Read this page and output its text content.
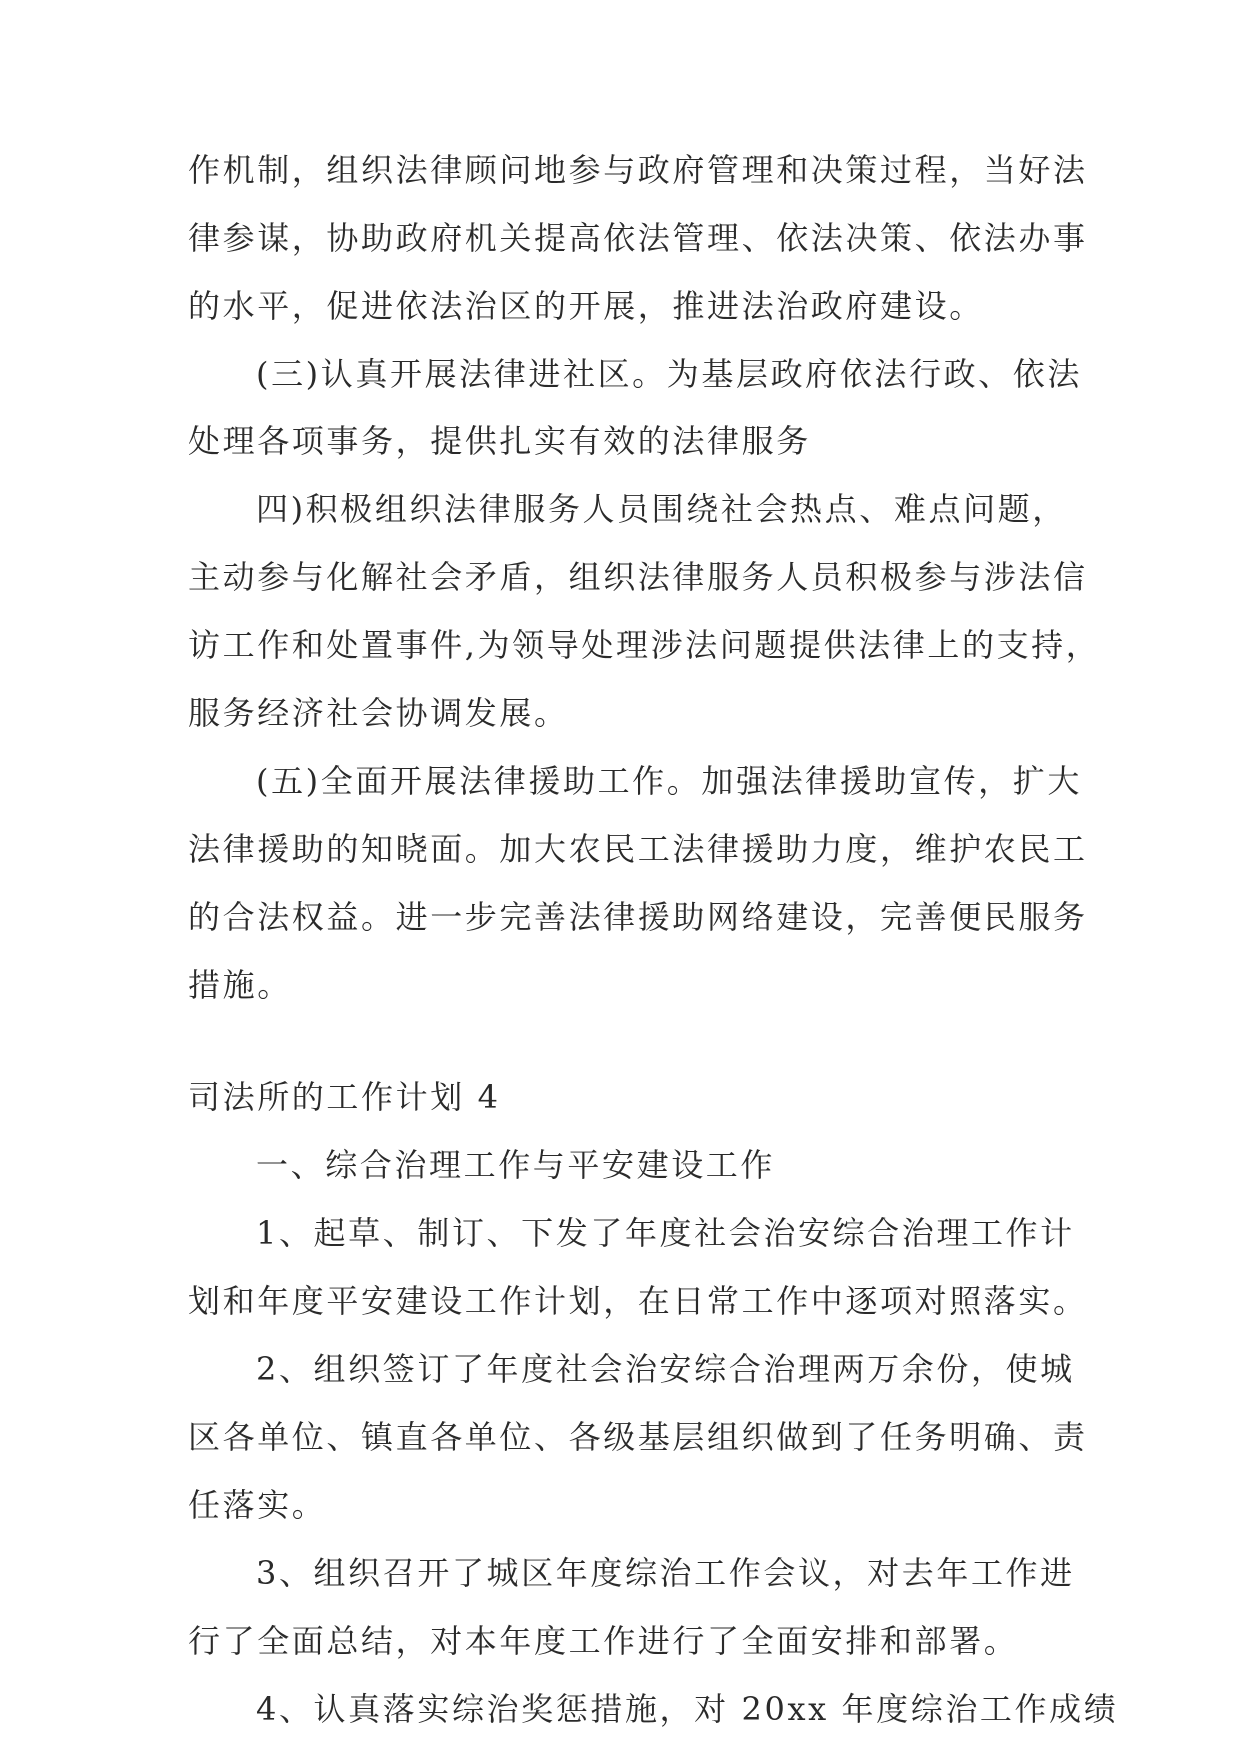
作机制，组织法律顾问地参与政府管理和决策过程，当好法
律参谋，协助政府机关提高依法管理、依法决策、依法办事
的水平，促进依法治区的开展，推进法治政府建设。
(三)认真开展法律进社区。为基层政府依法行政、依法
处理各项事务，提供扎实有效的法律服务
四)积极组织法律服务人员围绕社会热点、难点问题，
主动参与化解社会矛盾，组织法律服务人员积极参与涉法信
访工作和处置事件,为领导处理涉法问题提供法律上的支持，
服务经济社会协调发展。
(五)全面开展法律援助工作。加强法律援助宣传，扩大
法律援助的知晓面。加大农民工法律援助力度，维护农民工
的合法权益。进一步完善法律援助网络建设，完善便民服务
措施。
司法所的工作计划 4
一、综合治理工作与平安建设工作
1、起草、制订、下发了年度社会治安综合治理工作计
划和年度平安建设工作计划，在日常工作中逐项对照落实。
2、组织签订了年度社会治安综合治理两万余份，使城
区各单位、镇直各单位、各级基层组织做到了任务明确、责
任落实。
3、组织召开了城区年度综治工作会议，对去年工作进
行了全面总结，对本年度工作进行了全面安排和部署。
4、认真落实综治奖惩措施，对 20xx 年度综治工作成绩
